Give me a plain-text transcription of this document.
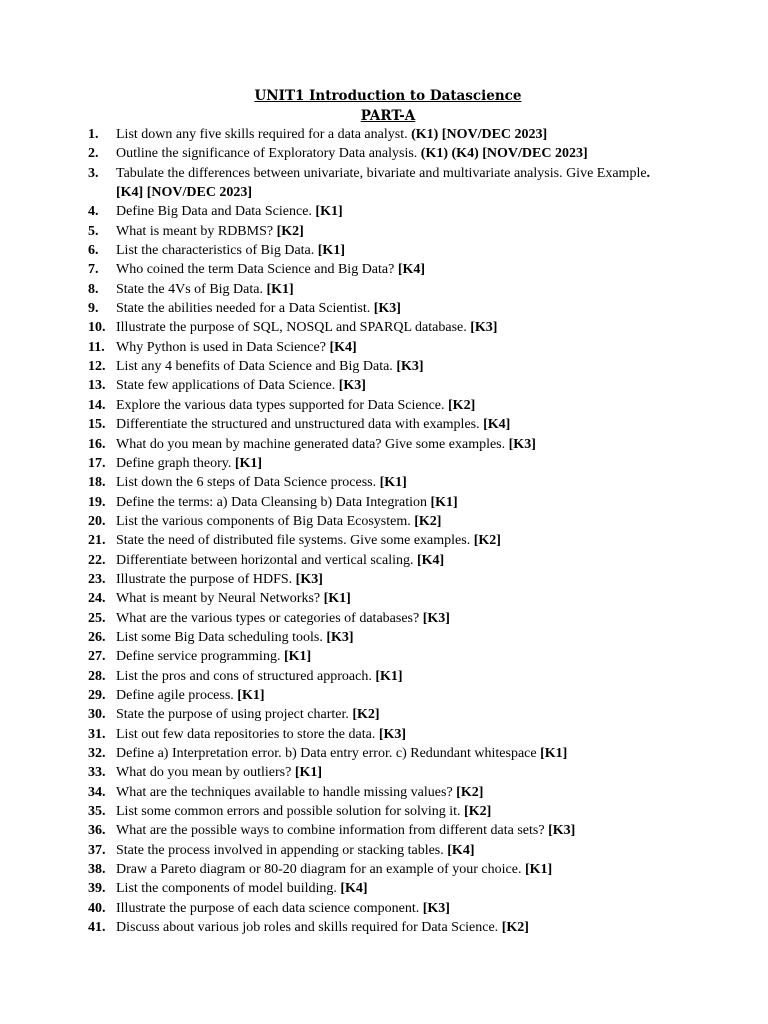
UNIT1 Introduction to Datascience
PART-A
1. List down any five skills required for a data analyst. (K1) [NOV/DEC 2023]
2. Outline the significance of Exploratory Data analysis. (K1) (K4) [NOV/DEC 2023]
3. Tabulate the differences between univariate, bivariate and multivariate analysis. Give Example. [K4] [NOV/DEC 2023]
4. Define Big Data and Data Science. [K1]
5. What is meant by RDBMS? [K2]
6. List the characteristics of Big Data. [K1]
7. Who coined the term Data Science and Big Data? [K4]
8. State the 4Vs of Big Data. [K1]
9. State the abilities needed for a Data Scientist. [K3]
10. Illustrate the purpose of SQL, NOSQL and SPARQL database. [K3]
11. Why Python is used in Data Science? [K4]
12. List any 4 benefits of Data Science and Big Data. [K3]
13. State few applications of Data Science. [K3]
14. Explore the various data types supported for Data Science. [K2]
15. Differentiate the structured and unstructured data with examples. [K4]
16. What do you mean by machine generated data? Give some examples. [K3]
17. Define graph theory. [K1]
18. List down the 6 steps of Data Science process. [K1]
19. Define the terms: a) Data Cleansing b) Data Integration [K1]
20. List the various components of Big Data Ecosystem. [K2]
21. State the need of distributed file systems. Give some examples. [K2]
22. Differentiate between horizontal and vertical scaling. [K4]
23. Illustrate the purpose of HDFS. [K3]
24. What is meant by Neural Networks? [K1]
25. What are the various types or categories of databases? [K3]
26. List some Big Data scheduling tools. [K3]
27. Define service programming. [K1]
28. List the pros and cons of structured approach. [K1]
29. Define agile process. [K1]
30. State the purpose of using project charter. [K2]
31. List out few data repositories to store the data. [K3]
32. Define a) Interpretation error. b) Data entry error. c) Redundant whitespace [K1]
33. What do you mean by outliers? [K1]
34. What are the techniques available to handle missing values? [K2]
35. List some common errors and possible solution for solving it. [K2]
36. What are the possible ways to combine information from different data sets? [K3]
37. State the process involved in appending or stacking tables. [K4]
38. Draw a Pareto diagram or 80-20 diagram for an example of your choice. [K1]
39. List the components of model building. [K4]
40. Illustrate the purpose of each data science component. [K3]
41. Discuss about various job roles and skills required for Data Science. [K2]
